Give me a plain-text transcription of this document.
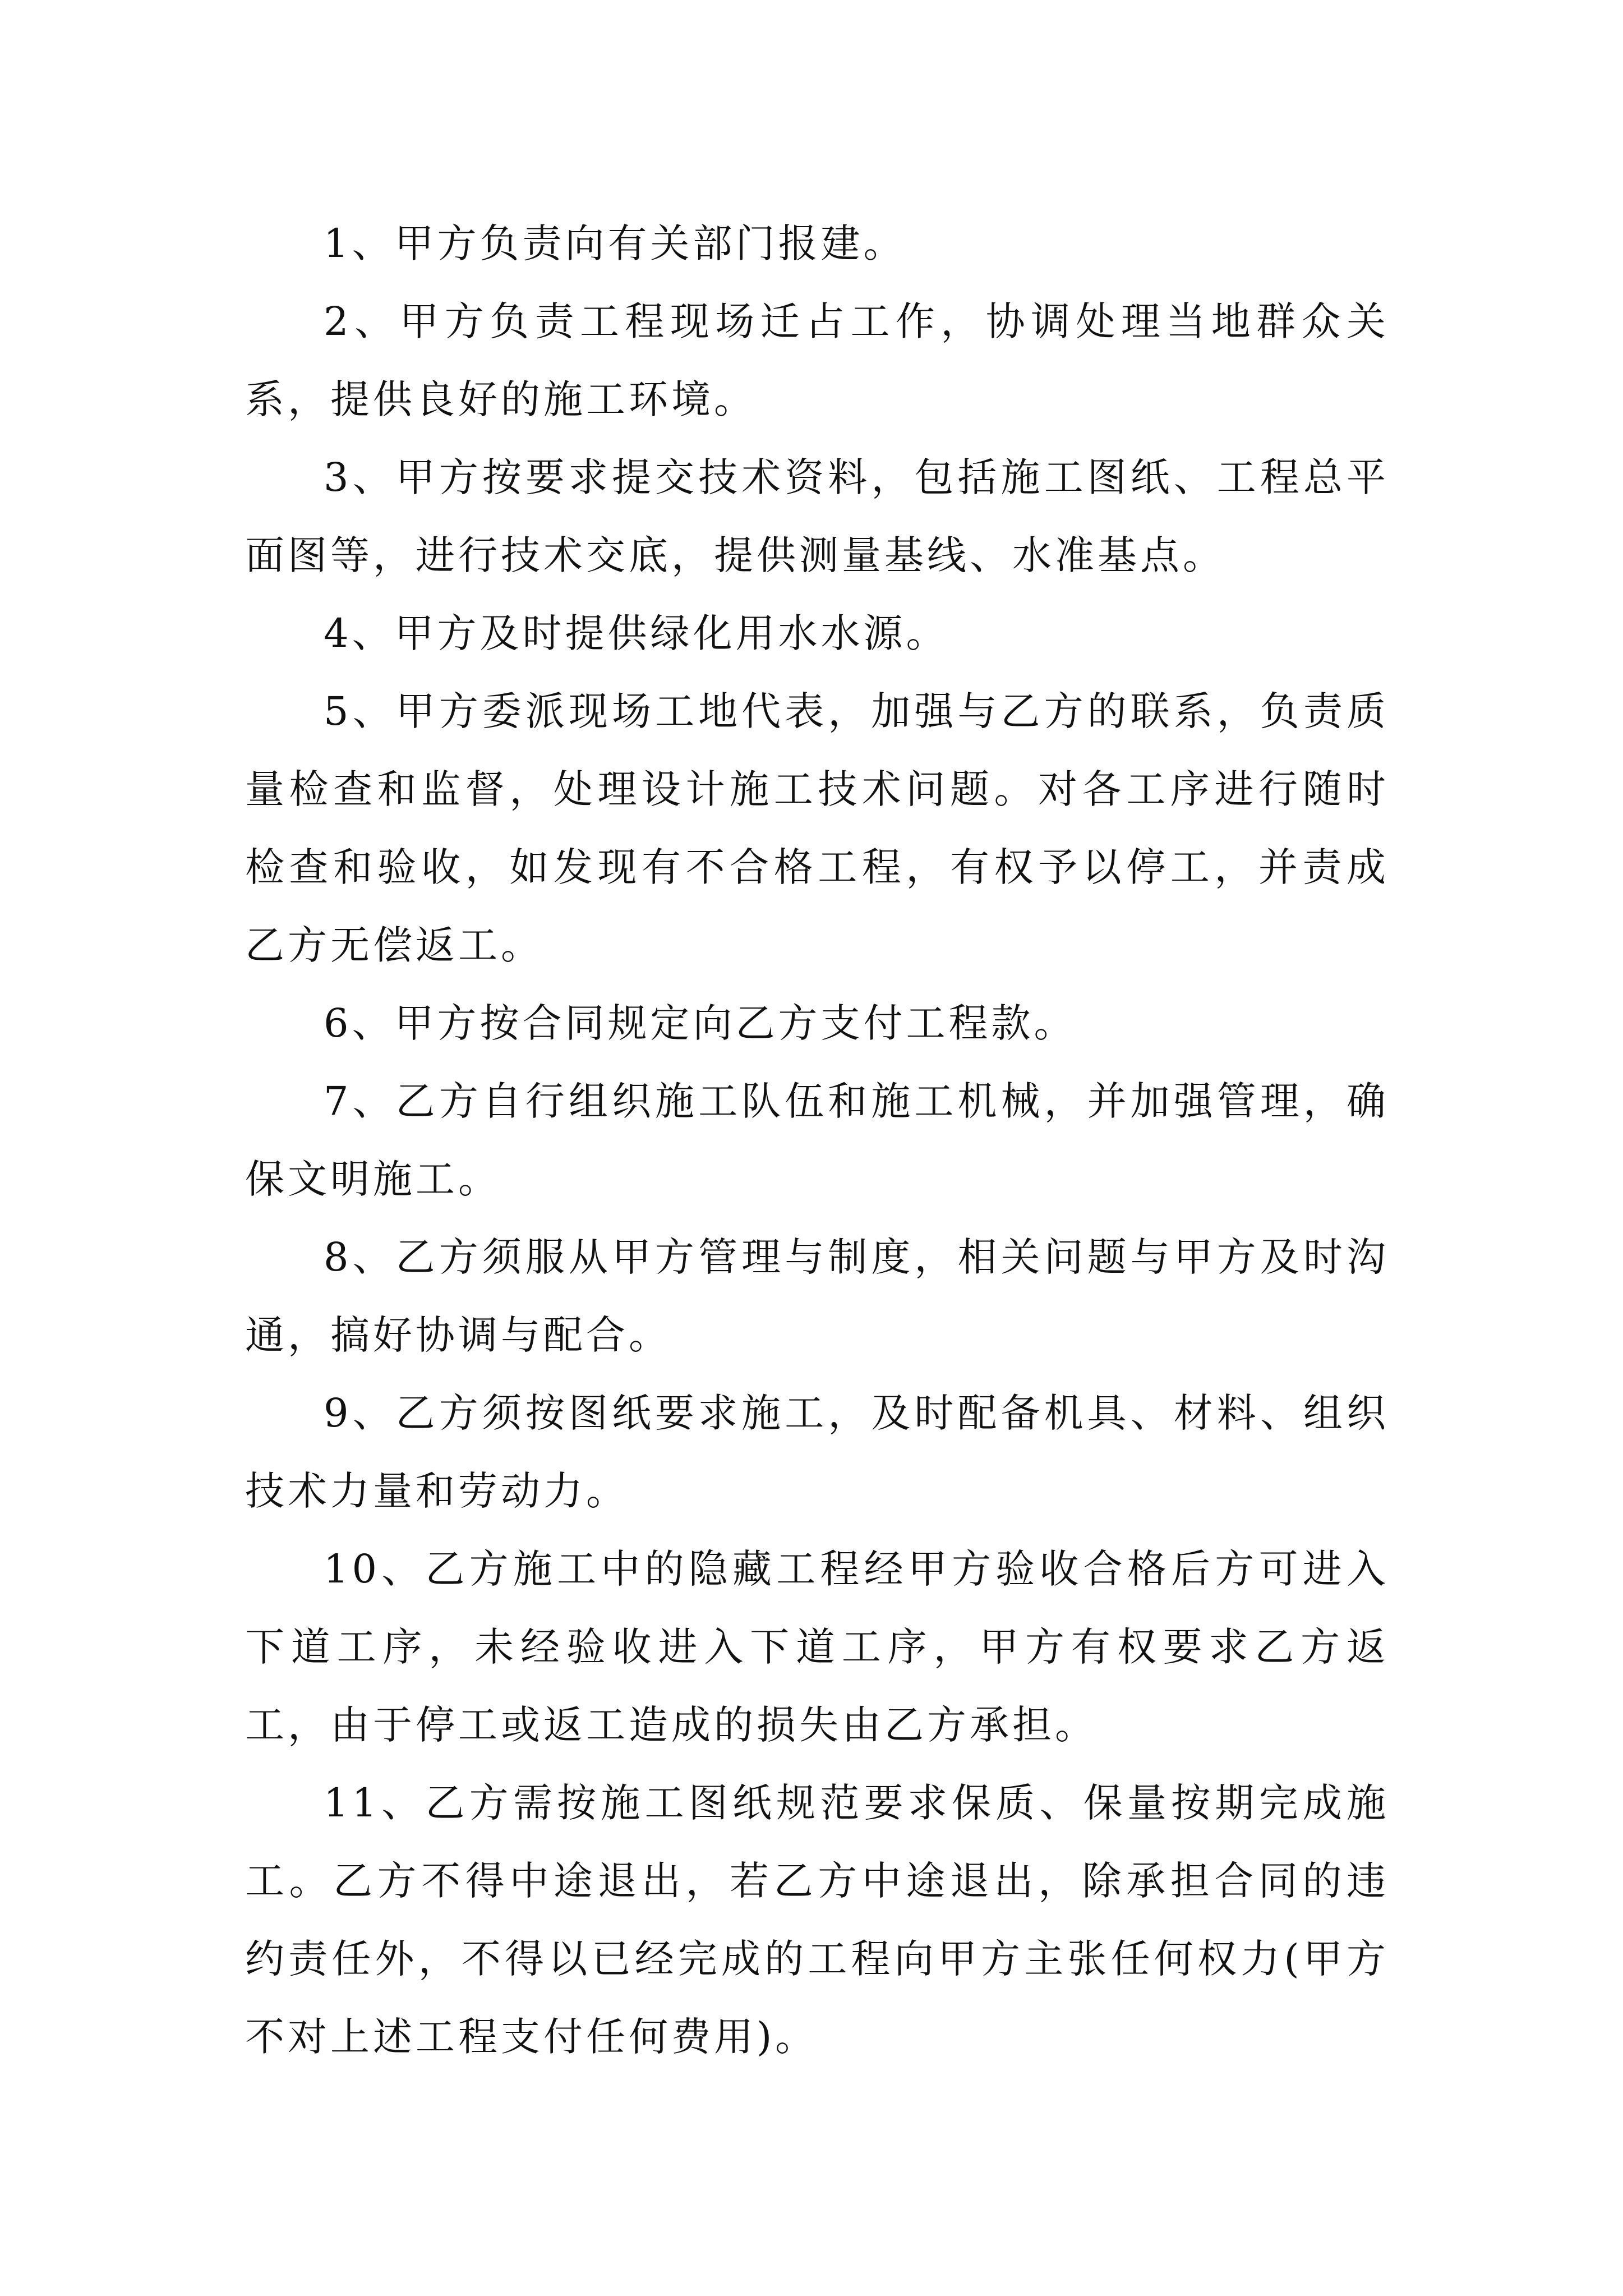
1、甲方负责向有关部门报建。

2、甲方负责工程现场迁占工作，协调处理当地群众关系，提供良好的施工环境。

3、甲方按要求提交技术资料，包括施工图纸、工程总平面图等，进行技术交底，提供测量基线、水准基点。

4、甲方及时提供绿化用水水源。

5、甲方委派现场工地代表，加强与乙方的联系，负责质量检查和监督，处理设计施工技术问题。对各工序进行随时检查和验收，如发现有不合格工程，有权予以停工，并责成乙方无偿返工。

6、甲方按合同规定向乙方支付工程款。

7、乙方自行组织施工队伍和施工机械，并加强管理，确保文明施工。

8、乙方须服从甲方管理与制度，相关问题与甲方及时沟通，搞好协调与配合。

9、乙方须按图纸要求施工，及时配备机具、材料、组织技术力量和劳动力。

10、乙方施工中的隐藏工程经甲方验收合格后方可进入下道工序，未经验收进入下道工序，甲方有权要求乙方返工，由于停工或返工造成的损失由乙方承担。

11、乙方需按施工图纸规范要求保质、保量按期完成施工。乙方不得中途退出，若乙方中途退出，除承担合同的违约责任外，不得以已经完成的工程向甲方主张任何权力(甲方不对上述工程支付任何费用)。
